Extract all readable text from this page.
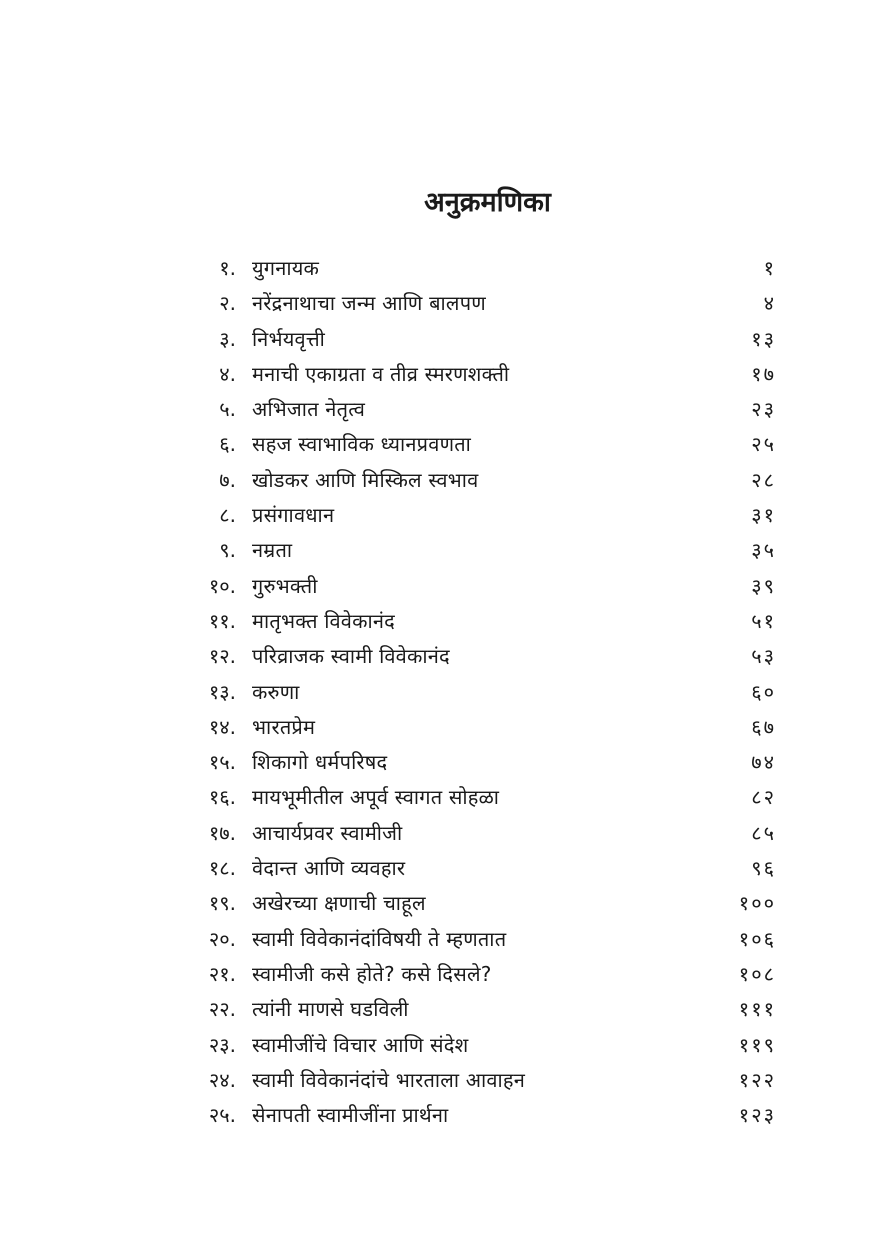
अनुक्रमणिका
१. युगनायक	१
२. नरेंद्रनाथाचा जन्म आणि बालपण	४
३. निर्भयवृत्ती	१३
४. मनाची एकाग्रता व तीव्र स्मरणशक्ती	१७
५. अभिजात नेतृत्व	२३
६. सहज स्वाभाविक ध्यानप्रवणता	२५
७. खोडकर आणि मिस्किल स्वभाव	२८
८. प्रसंगावधान	३१
९. नम्रता	३५
१०. गुरुभक्ती	३९
११. मातृभक्त विवेकानंद	५१
१२. परिव्राजक स्वामी विवेकानंद	५३
१३. करुणा	६०
१४. भारतप्रेम	६७
१५. शिकागो धर्मपरिषद	७४
१६. मायभूमीतील अपूर्व स्वागत सोहळा	८२
१७. आचार्यप्रवर स्वामीजी	८५
१८. वेदान्त आणि व्यवहार	९६
१९. अखेरच्या क्षणाची चाहूल	१००
२०. स्वामी विवेकानंदांविषयी ते म्हणतात	१०६
२१. स्वामीजी कसे होते? कसे दिसले?	१०८
२२. त्यांनी माणसे घडविली	१११
२३. स्वामीजींचे विचार आणि संदेश	११९
२४. स्वामी विवेकानंदांचे भारताला आवाहन	१२२
२५. सेनापती स्वामीजींना प्रार्थना	१२३
